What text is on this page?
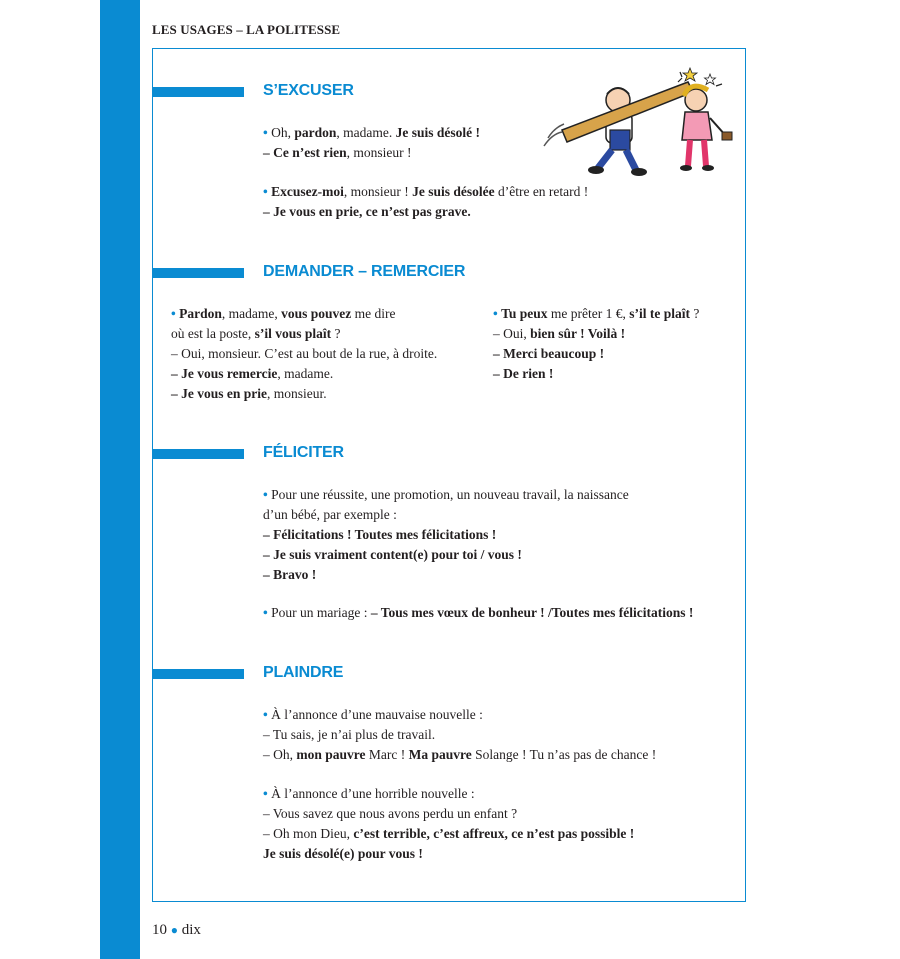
LES USAGES – LA POLITESSE
S’EXCUSER
• Oh, pardon, madame. Je suis désolé !
– Ce n’est rien, monsieur !
• Excusez-moi, monsieur ! Je suis désolée d’être en retard !
– Je vous en prie, ce n’est pas grave.
DEMANDER – REMERCIER
• Pardon, madame, vous pouvez me dire
où est la poste, s’il vous plaît ?
– Oui, monsieur. C’est au bout de la rue, à droite.
– Je vous remercie, madame.
– Je vous en prie, monsieur.
• Tu peux me prêter 1 €, s’il te plaît ?
– Oui, bien sûr ! Voilà !
– Merci beaucoup !
– De rien !
FÉLICITER
• Pour une réussite, une promotion, un nouveau travail, la naissance
d’un bébé, par exemple :
– Félicitations ! Toutes mes félicitations !
– Je suis vraiment content(e) pour toi / vous !
– Bravo !
• Pour un mariage : – Tous mes vœux de bonheur ! /Toutes mes félicitations !
PLAINDRE
• À l’annonce d’une mauvaise nouvelle :
– Tu sais, je n’ai plus de travail.
– Oh, mon pauvre Marc ! Ma pauvre Solange ! Tu n’as pas de chance !
• À l’annonce d’une horrible nouvelle :
– Vous savez que nous avons perdu un enfant ?
– Oh mon Dieu, c’est terrible, c’est affreux, ce n’est pas possible !
Je suis désolé(e) pour vous !
10 ● dix
